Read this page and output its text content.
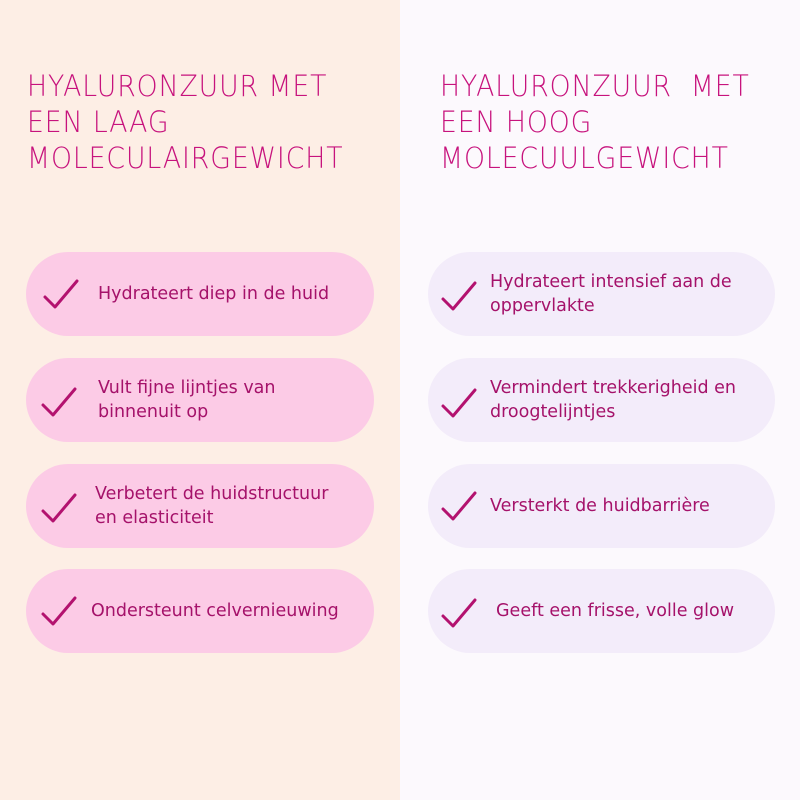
HYALURONZUUR MET
EEN LAAG
MOLECULAIRGEWICHT
Hydrateert diep in de huid
Vult fijne lijntjes van
binnenuit op
Verbetert de huidstructuur
en elasticiteit
Ondersteunt celvernieuwing
HYALURONZUUR  MET
EEN HOOG
MOLECUULGEWICHT
Hydrateert intensief aan de
oppervlakte
Vermindert trekkerigheid en
droogtelijntjes
Versterkt de huidbarrière
Geeft een frisse, volle glow
